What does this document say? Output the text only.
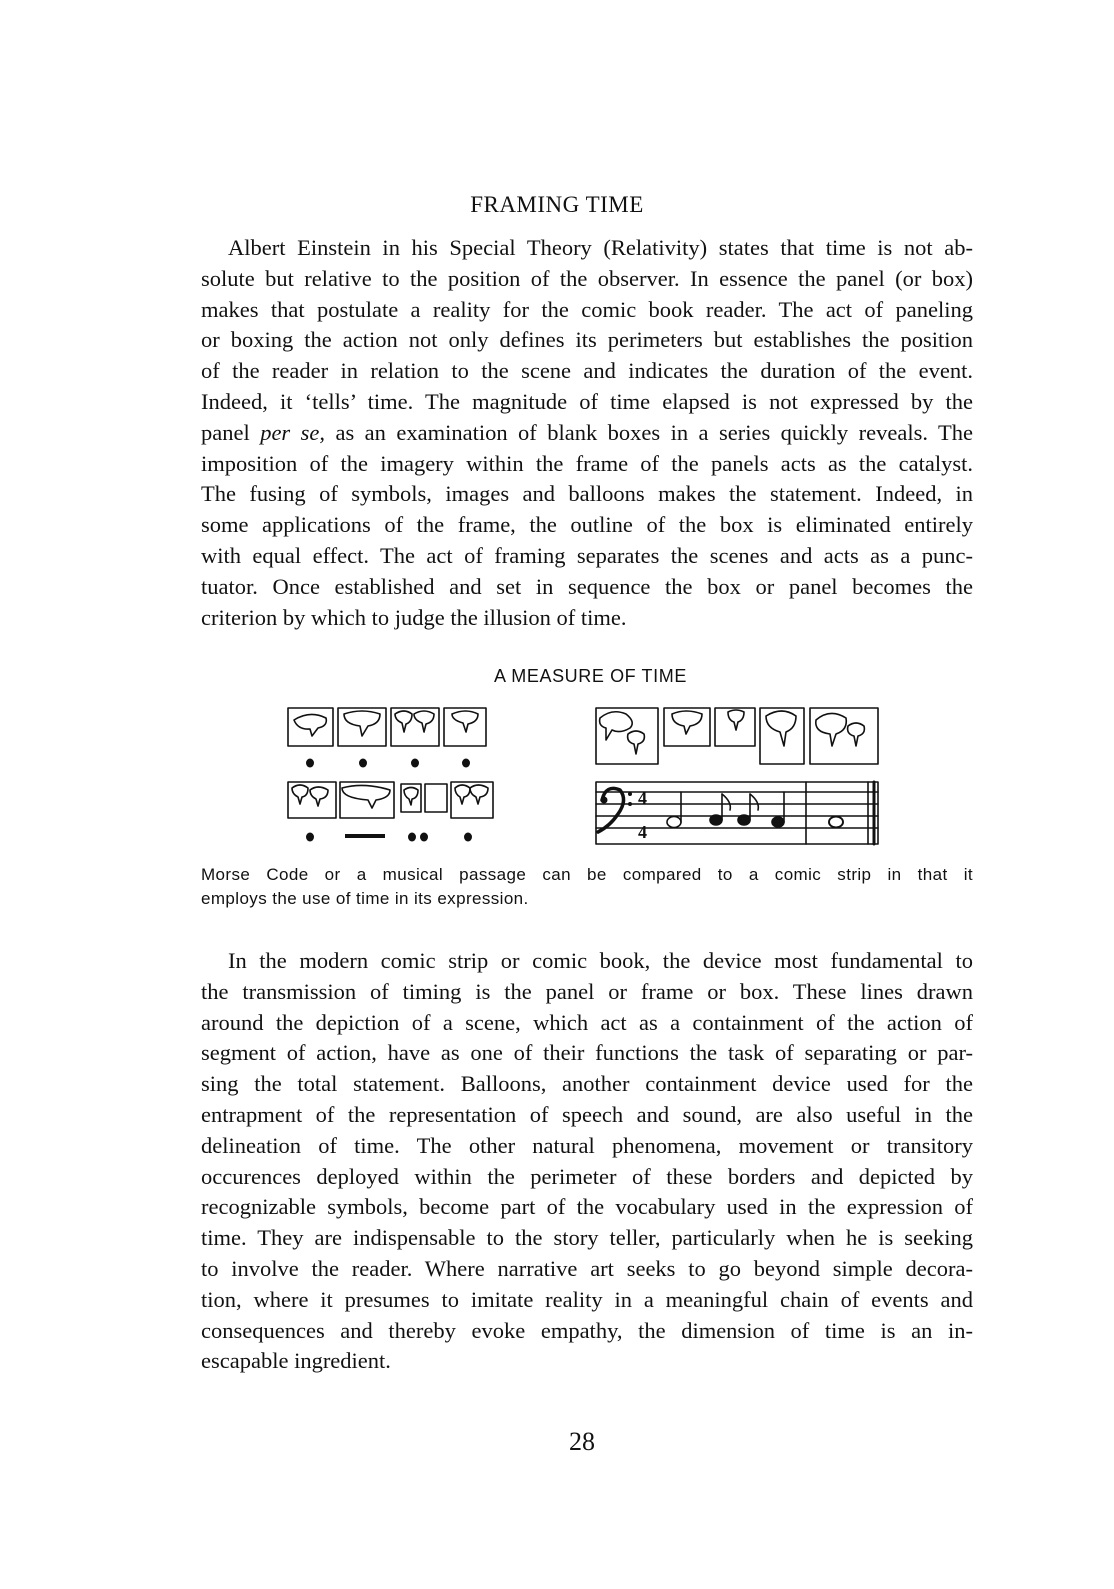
FRAMING TIME
Albert Einstein in his Special Theory (Relativity) states that time is not ab-
solute but relative to the position of the observer. In essence the panel (or box)
makes that postulate a reality for the comic book reader. The act of paneling
or boxing the action not only defines its perimeters but establishes the position
of the reader in relation to the scene and indicates the duration of the event.
Indeed, it ‘tells’ time. The magnitude of time elapsed is not expressed by the
panel per se, as an examination of blank boxes in a series quickly reveals. The
imposition of the imagery within the frame of the panels acts as the catalyst.
The fusing of symbols, images and balloons makes the statement. Indeed, in
some applications of the frame, the outline of the box is eliminated entirely
with equal effect. The act of framing separates the scenes and acts as a punc-
tuator. Once established and set in sequence the box or panel becomes the
criterion by which to judge the illusion of time.
A MEASURE OF TIME
4
4
Morse Code or a musical passage can be compared to a comic strip in that it
employs the use of time in its expression.
In the modern comic strip or comic book, the device most fundamental to
the transmission of timing is the panel or frame or box. These lines drawn
around the depiction of a scene, which act as a containment of the action of
segment of action, have as one of their functions the task of separating or par-
sing the total statement. Balloons, another containment device used for the
entrapment of the representation of speech and sound, are also useful in the
delineation of time. The other natural phenomena, movement or transitory
occurences deployed within the perimeter of these borders and depicted by
recognizable symbols, become part of the vocabulary used in the expression of
time. They are indispensable to the story teller, particularly when he is seeking
to involve the reader. Where narrative art seeks to go beyond simple decora-
tion, where it presumes to imitate reality in a meaningful chain of events and
consequences and thereby evoke empathy, the dimension of time is an in-
escapable ingredient.
28
